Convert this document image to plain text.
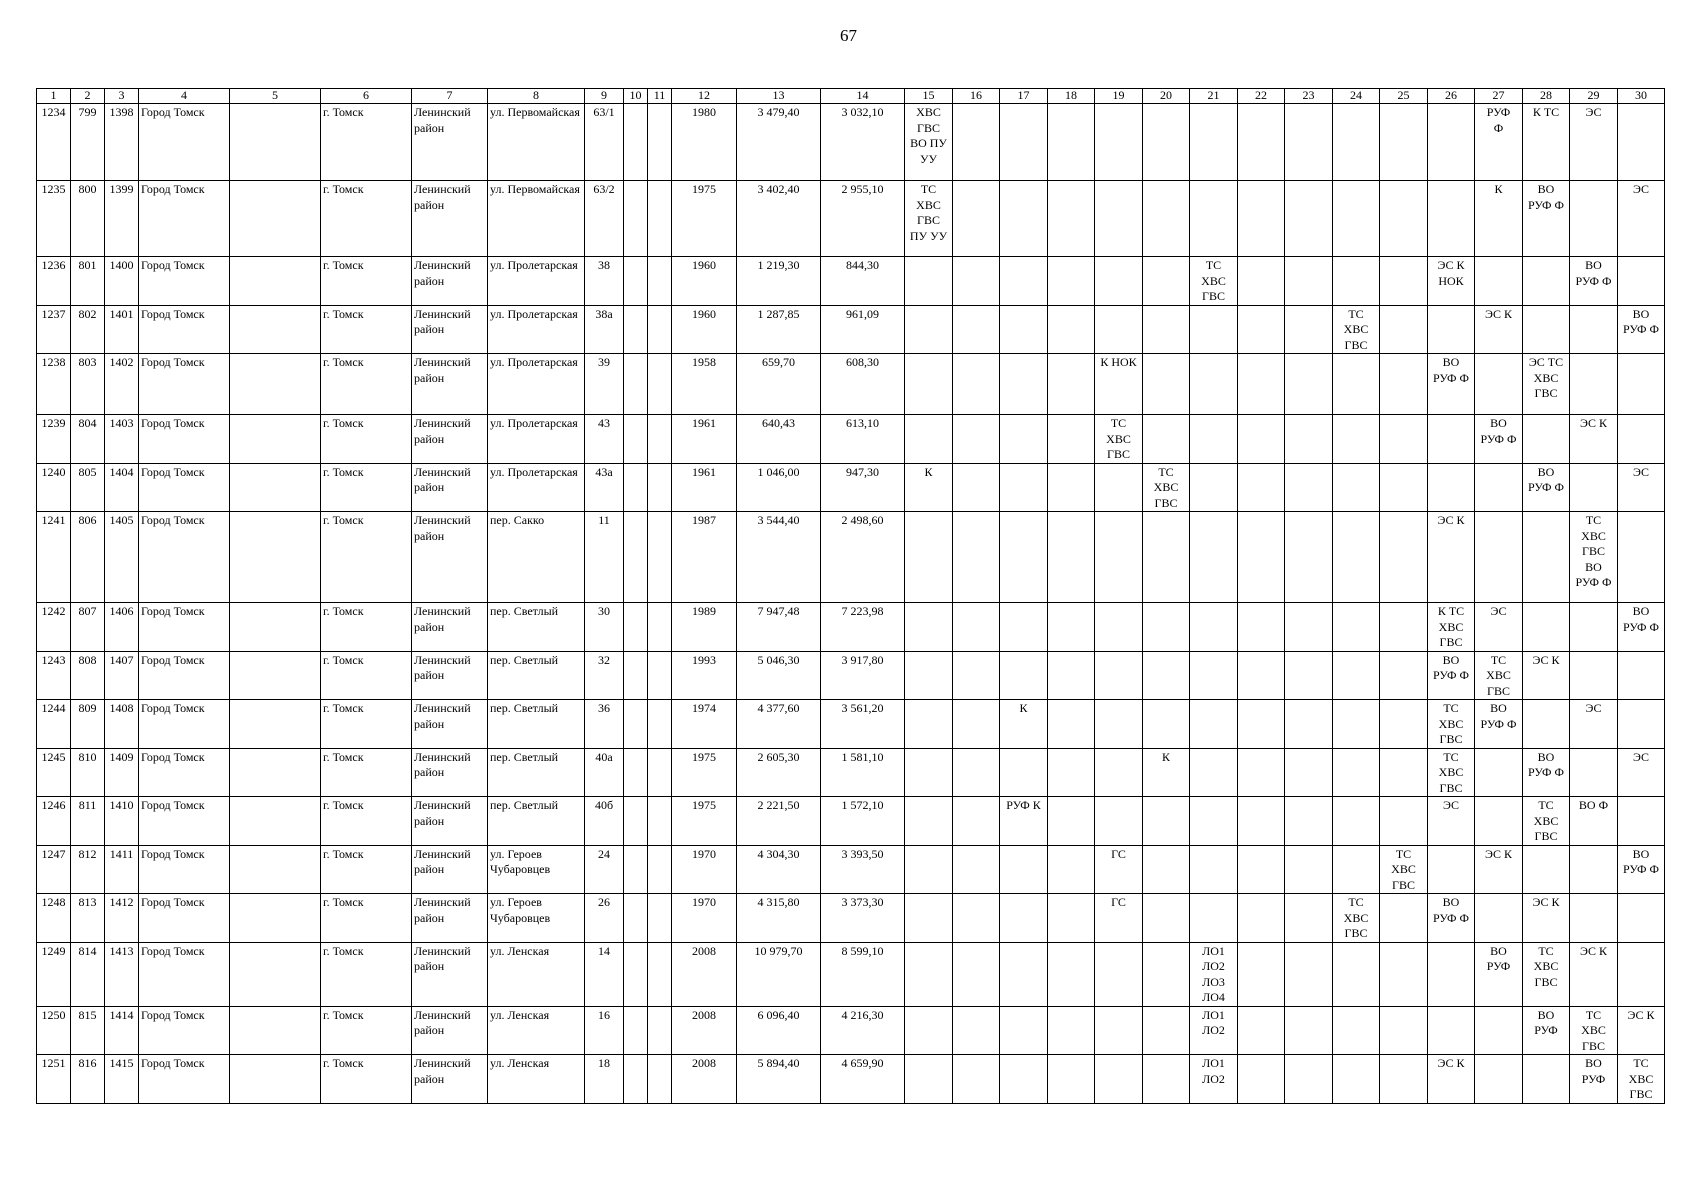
67
1	2	3	4	5	6	7	8	9	10	11	12	13	14	15	16	17	18	19	20	21	22	23	24	25	26	27	28	29	30
1234	799	1398	Город Томск		г. Томск	Ленинский район	ул. Первомайская	63/1			1980	3 479,40	3 032,10	ХВС
ГВС
ВО ПУ
УУ												РУФ
Ф	К ТС	ЭС	

1235	800	1399	Город Томск		г. Томск	Ленинский район	ул. Первомайская	63/2			1975	3 402,40	2 955,10	ТС
ХВС
ГВС
ПУ УУ												К	ВО
РУФ Ф		ЭС

1236	801	1400	Город Томск		г. Томск	Ленинский район	ул. Пролетарская	38			1960	1 219,30	844,30							ТС
ХВС
ГВС					ЭС К
НОК			ВО
РУФ Ф	

1237	802	1401	Город Томск		г. Томск	Ленинский район	ул. Пролетарская	38а			1960	1 287,85	961,09										ТС
ХВС
ГВС			ЭС К			ВО
РУФ Ф

1238	803	1402	Город Томск		г. Томск	Ленинский район	ул. Пролетарская	39			1958	659,70	608,30					К НОК							ВО
РУФ Ф		ЭС ТС
ХВС
ГВС		

1239	804	1403	Город Томск		г. Томск	Ленинский район	ул. Пролетарская	43			1961	640,43	613,10					ТС
ХВС
ГВС								ВО
РУФ Ф		ЭС К	

1240	805	1404	Город Томск		г. Томск	Ленинский район	ул. Пролетарская	43а			1961	1 046,00	947,30	К					ТС
ХВС
ГВС								ВО
РУФ Ф		ЭС

1241	806	1405	Город Томск		г. Томск	Ленинский район	пер. Сакко	11			1987	3 544,40	2 498,60												ЭС К			ТС
ХВС
ГВС
ВО
РУФ Ф	

1242	807	1406	Город Томск		г. Томск	Ленинский район	пер. Светлый	30			1989	7 947,48	7 223,98												К ТС
ХВС
ГВС	ЭС			ВО
РУФ Ф

1243	808	1407	Город Томск		г. Томск	Ленинский район	пер. Светлый	32			1993	5 046,30	3 917,80												ВО
РУФ Ф	ТС
ХВС
ГВС	ЭС К		

1244	809	1408	Город Томск		г. Томск	Ленинский район	пер. Светлый	36			1974	4 377,60	3 561,20			К									ТС
ХВС
ГВС	ВО
РУФ Ф		ЭС	

1245	810	1409	Город Томск		г. Томск	Ленинский район	пер. Светлый	40а			1975	2 605,30	1 581,10						К						ТС
ХВС
ГВС		ВО
РУФ Ф		ЭС

1246	811	1410	Город Томск		г. Томск	Ленинский район	пер. Светлый	40б			1975	2 221,50	1 572,10			РУФ К									ЭС		ТС
ХВС
ГВС	ВО Ф	

1247	812	1411	Город Томск		г. Томск	Ленинский район	ул. Героев Чубаровцев	24			1970	4 304,30	3 393,50					ГС						ТС
ХВС
ГВС		ЭС К			ВО
РУФ Ф

1248	813	1412	Город Томск		г. Томск	Ленинский район	ул. Героев Чубаровцев	26			1970	4 315,80	3 373,30					ГС					ТС
ХВС
ГВС		ВО
РУФ Ф		ЭС К		

1249	814	1413	Город Томск		г. Томск	Ленинский район	ул. Ленская	14			2008	10 979,70	8 599,10							ЛО1
ЛО2
ЛО3
ЛО4						ВО
РУФ	ТС
ХВС
ГВС	ЭС К	

1250	815	1414	Город Томск		г. Томск	Ленинский район	ул. Ленская	16			2008	6 096,40	4 216,30							ЛО1
ЛО2							ВО
РУФ	ТС
ХВС
ГВС	ЭС К

1251	816	1415	Город Томск		г. Томск	Ленинский район	ул. Ленская	18			2008	5 894,40	4 659,90							ЛО1
ЛО2					ЭС К			ВО
РУФ	ТС
ХВС
ГВС
